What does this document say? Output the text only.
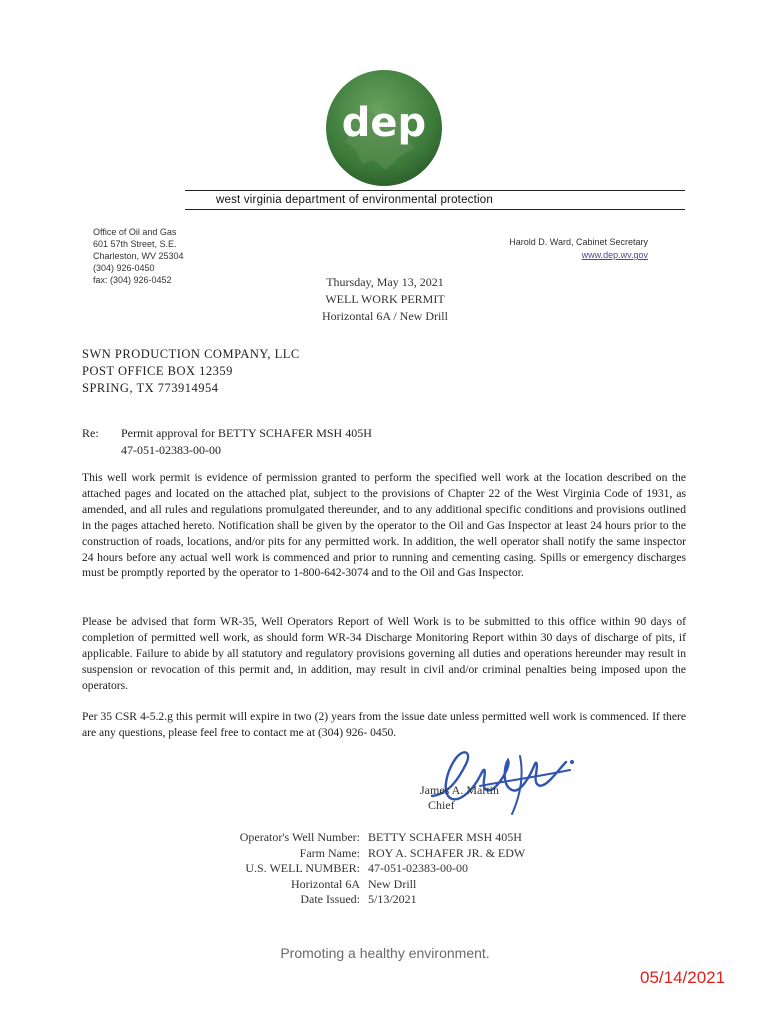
dep
west virginia department of environmental protection
Office of Oil and Gas
601 57th Street, S.E.
Charleston, WV 25304
(304) 926-0450
fax: (304) 926-0452
Harold D. Ward, Cabinet Secretary
www.dep.wv.gov
Thursday, May 13, 2021
WELL WORK PERMIT
Horizontal 6A / New Drill
SWN PRODUCTION COMPANY, LLC
POST OFFICE BOX 12359
SPRING, TX 773914954
Re: Permit approval for BETTY SCHAFER MSH 405H
47-051-02383-00-00
This well work permit is evidence of permission granted to perform the specified well work at the location described on the attached pages and located on the attached plat, subject to the provisions of Chapter 22 of the West Virginia Code of 1931, as amended, and all rules and regulations promulgated thereunder, and to any additional specific conditions and provisions outlined in the pages attached hereto. Notification shall be given by the operator to the Oil and Gas Inspector at least 24 hours prior to the construction of roads, locations, and/or pits for any permitted work. In addition, the well operator shall notify the same inspector 24 hours before any actual well work is commenced and prior to running and cementing casing. Spills or emergency discharges must be promptly reported by the operator to 1-800-642-3074 and to the Oil and Gas Inspector.
Please be advised that form WR-35, Well Operators Report of Well Work is to be submitted to this office within 90 days of completion of permitted well work, as should form WR-34 Discharge Monitoring Report within 30 days of discharge of pits, if applicable. Failure to abide by all statutory and regulatory provisions governing all duties and operations hereunder may result in suspension or revocation of this permit and, in addition, may result in civil and/or criminal penalties being imposed upon the operators.
Per 35 CSR 4-5.2.g this permit will expire in two (2) years from the issue date unless permitted well work is commenced. If there are any questions, please feel free to contact me at (304) 926- 0450.
James A. Martin
Chief
Operator's Well Number:
Farm Name:
U.S. WELL NUMBER:
Horizontal 6A
Date Issued:
BETTY SCHAFER MSH 405H
ROY A. SCHAFER JR. & EDW
47-051-02383-00-00
New Drill
5/13/2021
Promoting a healthy environment.
05/14/2021
